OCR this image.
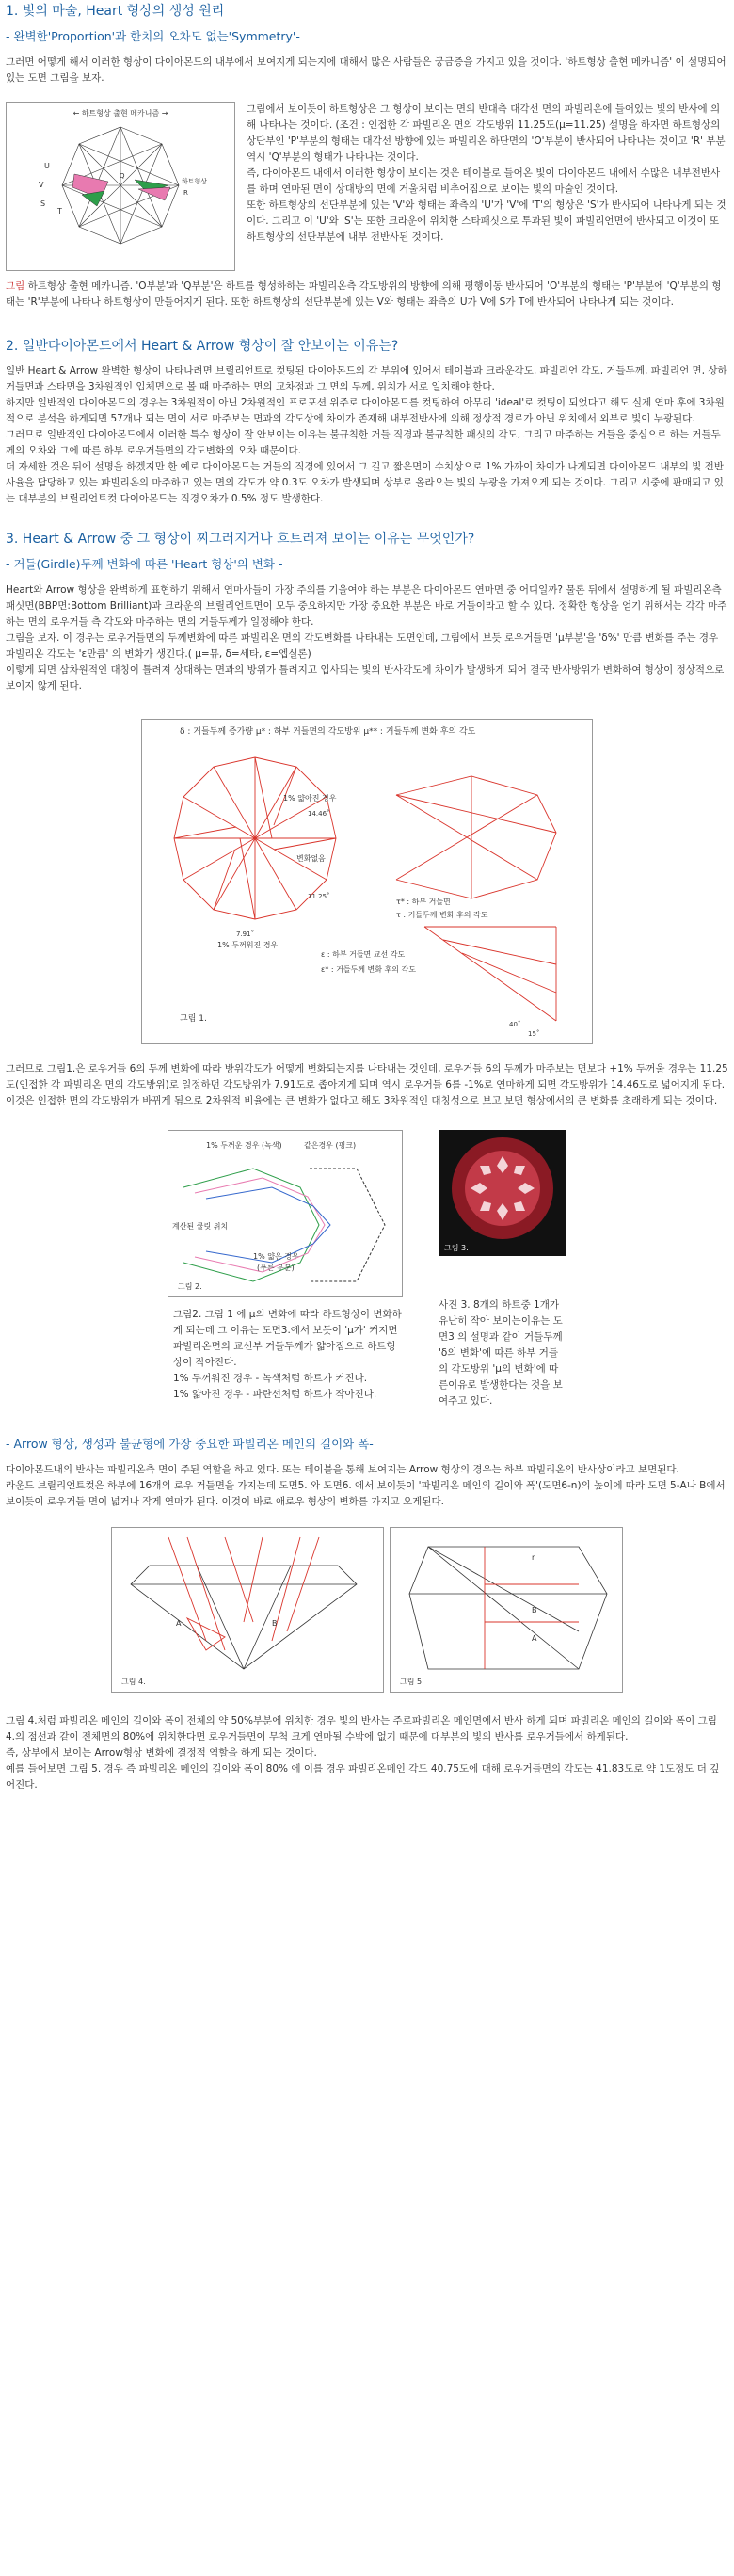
1. 빛의 마술, Heart 형상의 생성 원리
- 완벽한'Proportion'과 한치의 오차도 없는'Symmetry'-

그러면 어떻게 해서 이러한 형상이 다이아몬드의 내부에서 보여지게 되는지에 대해서 많은 사람들은 궁금증을 가지고 있을 것이다. '하트형상 출현 메카니즘' 이 설명되어있는 도면 그림을 보자.

← 하트형상 출현 메카니즘 →
U
V
S
T
Q
하트형상
R

그림에서 보이듯이 하트형상은 그 형상이 보이는 면의 반대측 대각선 면의 파빌리온에 들어있는 빛의 반사에 의해 나타나는 것이다. (조건 : 인접한 각 파빌리온 면의 각도방위 11.25도(μ=11.25) 설명을 하자면 하트형상의 상단부인 'P'부분의 형태는 대각선 방향에 있는 파빌리온 하단면의 'O'부분이 반사되어 나타나는 것이고 'R' 부분 역시 'Q'부분의 형태가 나타나는 것이다.
즉, 다이아몬드 내에서 이러한 형상이 보이는 것은 테이블로 들어온 빛이 다이아몬드 내에서 수많은 내부전반사를 하며 연마된 면이 상대방의 면에 거울처럼 비추어짐으로 보이는 빛의 마술인 것이다.
또한 하트형상의 선단부분에 있는 'V'와 형태는 좌측의 'U'가 'V'에 'T'의 형상은 'S'가 반사되어 나타나게 되는 것이다. 그리고 이 'U'와 'S'는 또한 크라운에 위치한 스타패싯으로 투과된 빛이 파빌리언면에 반사되고 이것이 또 하트형상의 선단부분에 내부 전반사된 것이다.

그림 하트형상 출현 메카니즘. 'O부분'과 'Q부분'은 하트를 형성하하는 파빌리온측 각도방위의 방향에 의해 평행이동 반사되어 'O'부분의 형태는 'P'부분에 'Q'부분의 형태는 'R'부분에 나타나 하트형상이 만들어지게 된다. 또한 하트형상의 선단부분에 있는 V와 형태는 좌측의 U가 V에 S가 T에 반사되어 나타나게 되는 것이다.

2. 일반다이아몬드에서 Heart & Arrow 형상이 잘 안보이는 이유는?

일반 Heart & Arrow 완벽한 형상이 나타나려면 브릴리언트로 컷팅된 다이아몬드의 각 부위에 있어서 테이블과 크라운각도, 파빌리언 각도, 거들두께, 파빌리언 면, 상하 거들면과 스타면을 3차원적인 입체면으로 볼 때 마주하는 면의 교차점과 그 면의 두께, 위치가 서로 일치해야 한다.
하지만 일반적인 다이아몬드의 경우는 3차원적이 아닌 2차원적인 프로포션 위주로 다이아몬드를 컷팅하여 아무리 'ideal'로 컷팅이 되었다고 해도 실제 연마 후에 3차원적으로 분석을 하게되면 57개나 되는 면이 서로 마주보는 면과의 각도상에 차이가 존재해 내부전반사에 의해 정상적 경로가 아닌 위치에서 외부로 빛이 누광된다.
그러므로 일반적인 다이아몬드에서 이러한 특수 형상이 잘 안보이는 이유는 불규칙한 거들 직경과 불규칙한 패싯의 각도, 그리고 마주하는 거들을 중심으로 하는 거들두께의 오차와 그에 따른 하부 로우거들면의 각도변화의 오차 때문이다.
더 자세한 것은 뒤에 설명을 하겠지만 한 예로 다이아몬드는 거들의 직경에 있어서 그 길고 짧은면이 수치상으로 1% 가까이 차이가 나게되면 다이아몬드 내부의 빛 전반사율을 담당하고 있는 파빌리온의 마주하고 있는 면의 각도가 약 0.3도 오차가 발생되며 상부로 올라오는 빛의 누광을 가져오게 되는 것이다. 그리고 시중에 판매되고 있는 대부분의 브릴리언트컷 다이아몬드는 직경오차가 0.5% 정도 발생한다.

3. Heart & Arrow 중 그 형상이 찌그러지거나 흐트러져 보이는 이유는 무엇인가?
- 거들(Girdle)두께 변화에 따른 'Heart 형상'의 변화 -

Heart와 Arrow 형상을 완벽하게 표현하기 위해서 연마사들이 가장 주의를 기울여야 하는 부분은 다이아몬드 연마면 중 어디일까? 물론 뒤에서 설명하게 될 파빌리온측 패싯면(BBP면:Bottom Brilliant)과 크라운의 브릴리언트면이 모두 중요하지만 가장 중요한 부분은 바로 거들이라고 할 수 있다. 정확한 형상을 얻기 위해서는 각각 마주하는 면의 로우거들 측 각도와 마주하는 면의 거들두께가 일정해야 한다.
그림을 보자. 이 경우는 로우거들면의 두께변화에 따른 파빌리온 면의 각도변화를 나타내는 도면인데, 그림에서 보듯 로우거들면 'μ부분'을 'δ%' 만큼 변화를 주는 경우 파빌리온 각도는 'ε만큼' 의 변화가 생긴다.( μ=뮤, δ=세타, ε=엡실론)
이렇게 되면 삼차원적인 대칭이 틀려져 상대하는 면과의 방위가 틀려지고 입사되는 빛의 반사각도에 차이가 발생하게 되어 결국 반사방위가 변화하여 형상이 정상적으로 보이지 않게 된다.

δ : 거들두께 증가량 μ* : 하부 거들면의 각도방위 μ** : 거들두께 변화 후의 각도
1% 얇아진 경우
14.46˚
변화없음
11.25˚
7.91˚
1% 두꺼워진 경우
τ* : 하부 거들면
τ : 거들두께 변화 후의 각도
ε : 하부 거들면 교선 각도
ε* : 거들두께 변화 후의 각도
40˚
15˚
그림 1.

그러므로 그림1.은 로우거들 6의 두께 변화에 따라 방위각도가 어떻게 변화되는지를 나타내는 것인데, 로우거들 6의 두께가 마주보는 면보다 +1% 두꺼울 경우는 11.25도(인접한 각 파빌리온 면의 각도방위)로 일정하던 각도방위가 7.91도로 좁아지게 되며 역시 로우거들 6를 -1%로 연마하게 되면 각도방위가 14.46도로 넓어지게 된다. 이것은 인접한 면의 각도방위가 바뀌게 됨으로 2차원적 비율에는 큰 변화가 없다고 해도 3차원적인 대칭성으로 보고 보면 형상에서의 큰 변화를 초래하게 되는 것이다.

1% 두꺼운 경우 (녹색)	같은경우 (핑크)
계산된 큘릿 위치
1% 얇은 경우
(푸른 부분)
그림 2.

그림2. 그림 1 에 μ의 변화에 따라 하트형상이 변화하게 되는데 그 이유는 도면3.에서 보듯이 'μ가' 커지면 파빌리온면의 교선부 거들두께가 얇아짐으로 하트형상이 작아진다.
1% 두꺼워진 경우 - 녹색처럼 하트가 커진다.
1% 얇아진 경우 - 파란선처럼 하트가 작아진다.

그림 3.

사진 3. 8개의 하트중 1개가 유난히 작아 보이는이유는 도면3 의 설명과 같이 거들두께 'δ의 변화'에 따른 하부 거들의 각도방위 'μ의 변화'에 따른이유로 발생한다는 것을 보여주고 있다.

- Arrow 형상, 생성과 불균형에 가장 중요한 파빌리온 메인의 길이와 폭-

다이아몬드내의 반사는 파빌리온측 면이 주된 역할을 하고 있다. 또는 테이블을 통해 보여지는 Arrow 형상의 경우는 하부 파빌리온의 반사상이라고 보면된다.
라운드 브릴리언트컷은 하부에 16개의 로우 거들면을 가지는데 도면5. 와 도면6. 에서 보이듯이 '파빌리온 메인의 길이와 폭'(도면6-n)의 높이에 따라 도면 5-A나 B에서 보이듯이 로우거들 면이 넓거나 작게 연마가 된다. 이것이 바로 애로우 형상의 변화를 가지고 오게된다.

A	B
그림 4.
r
B
A
그림 5.

그림 4.처럼 파빌리온 메인의 길이와 폭이 전체의 약 50%부분에 위치한 경우 빛의 반사는 주로파빌리온 메인면에서 반사 하게 되며 파빌리온 메인의 길이와 폭이 그림 4.의 점선과 같이 전체면의 80%에 위치한다면 로우거들면이 무척 크게 연마될 수밖에 없기 때문에 대부분의 빛의 반사를 로우거들에서 하게된다.
즉, 상부에서 보이는 Arrow형상 변화에 결정적 역할을 하게 되는 것이다.
예를 들어보면 그림 5. 경우 즉 파빌리온 메인의 길이와 폭이 80% 에 이를 경우 파빌리온메인 각도 40.75도에 대해 로우거들면의 각도는 41.83도로 약 1도정도 더 깊어진다.
